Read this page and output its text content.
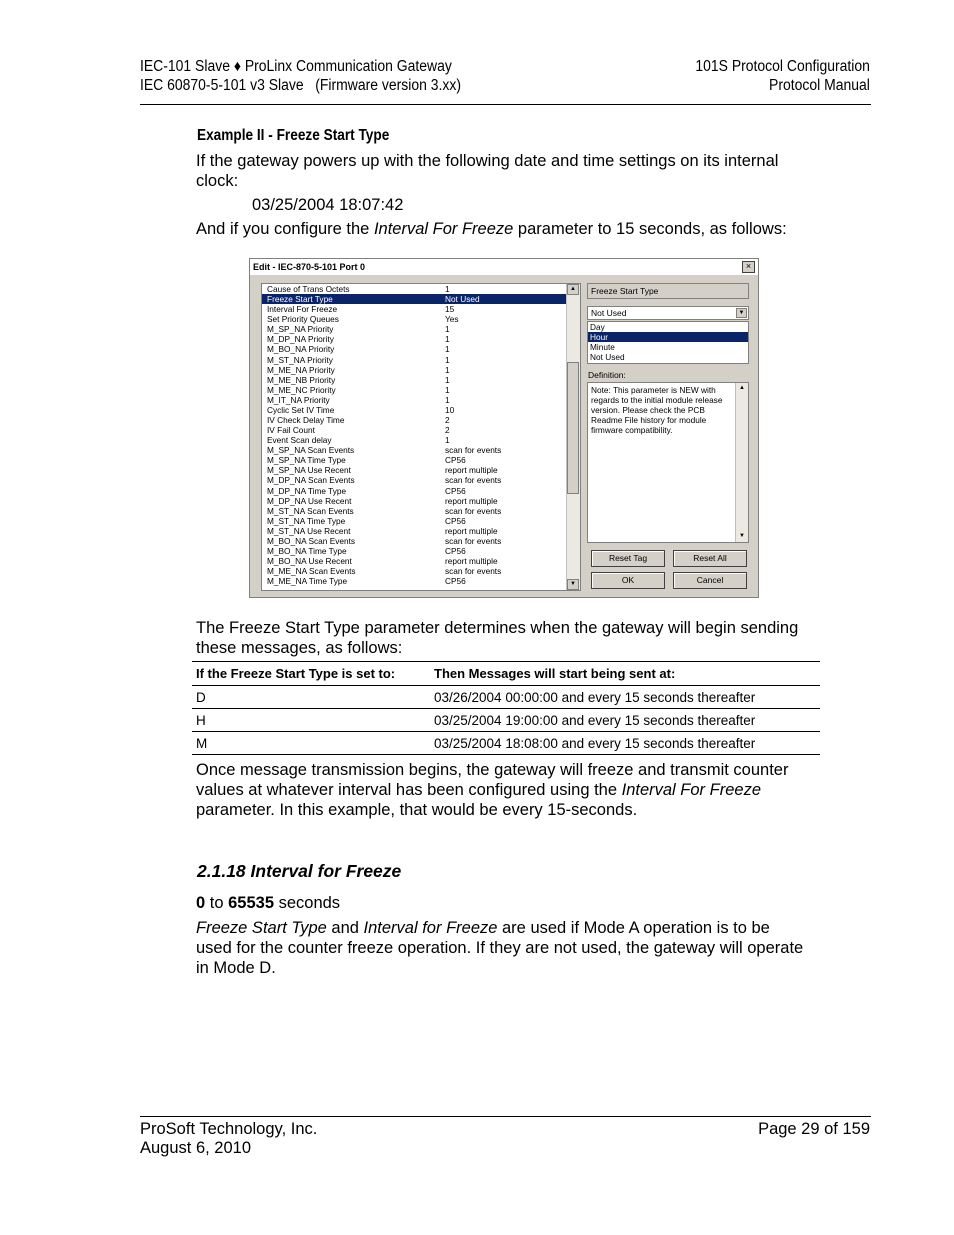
IEC-101 Slave ♦ ProLinx Communication Gateway
IEC 60870-5-101 v3 Slave   (Firmware version 3.xx)
101S Protocol Configuration
Protocol Manual
Example II - Freeze Start Type
If the gateway powers up with the following date and time settings on its internal clock:
03/25/2004 18:07:42
And if you configure the Interval For Freeze parameter to 15 seconds, as follows:
Edit - IEC-870-5-101 Port 0	×
Cause of Trans Octets	1
Freeze Start Type	Not Used
Interval For Freeze	15
Set Priority Queues	Yes
M_SP_NA Priority	1
M_DP_NA Priority	1
M_BO_NA Priority	1
M_ST_NA Priority	1
M_ME_NA Priority	1
M_ME_NB Priority	1
M_ME_NC Priority	1
M_IT_NA Priority	1
Cyclic Set IV Time	10
IV Check Delay Time	2
IV Fail Count	2
Event Scan delay	1
M_SP_NA Scan Events	scan for events
M_SP_NA Time Type	CP56
M_SP_NA Use Recent	report multiple
M_DP_NA Scan Events	scan for events
M_DP_NA Time Type	CP56
M_DP_NA Use Recent	report multiple
M_ST_NA Scan Events	scan for events
M_ST_NA Time Type	CP56
M_ST_NA Use Recent	report multiple
M_BO_NA Scan Events	scan for events
M_BO_NA Time Type	CP56
M_BO_NA Use Recent	report multiple
M_ME_NA Scan Events	scan for events
M_ME_NA Time Type	CP56
▲
▼
Freeze Start Type
Not Used	▼
Day
Hour
Minute
Not Used
Definition:
Note: This parameter is NEW with regards to the initial module release version. Please check the PCB Readme File history for module firmware compatibility.
▲
▼
Reset Tag	Reset All
OK	Cancel
The Freeze Start Type parameter determines when the gateway will begin sending these messages, as follows:
If the Freeze Start Type is set to:	Then Messages will start being sent at:
D	03/26/2004 00:00:00 and every 15 seconds thereafter
H	03/25/2004 19:00:00 and every 15 seconds thereafter
M	03/25/2004 18:08:00 and every 15 seconds thereafter
Once message transmission begins, the gateway will freeze and transmit counter values at whatever interval has been configured using the Interval For Freeze parameter. In this example, that would be every 15-seconds.
2.1.18 Interval for Freeze
0 to 65535 seconds
Freeze Start Type and Interval for Freeze are used if Mode A operation is to be used for the counter freeze operation. If they are not used, the gateway will operate in Mode D.
ProSoft Technology, Inc.
August 6, 2010
Page 29 of 159
